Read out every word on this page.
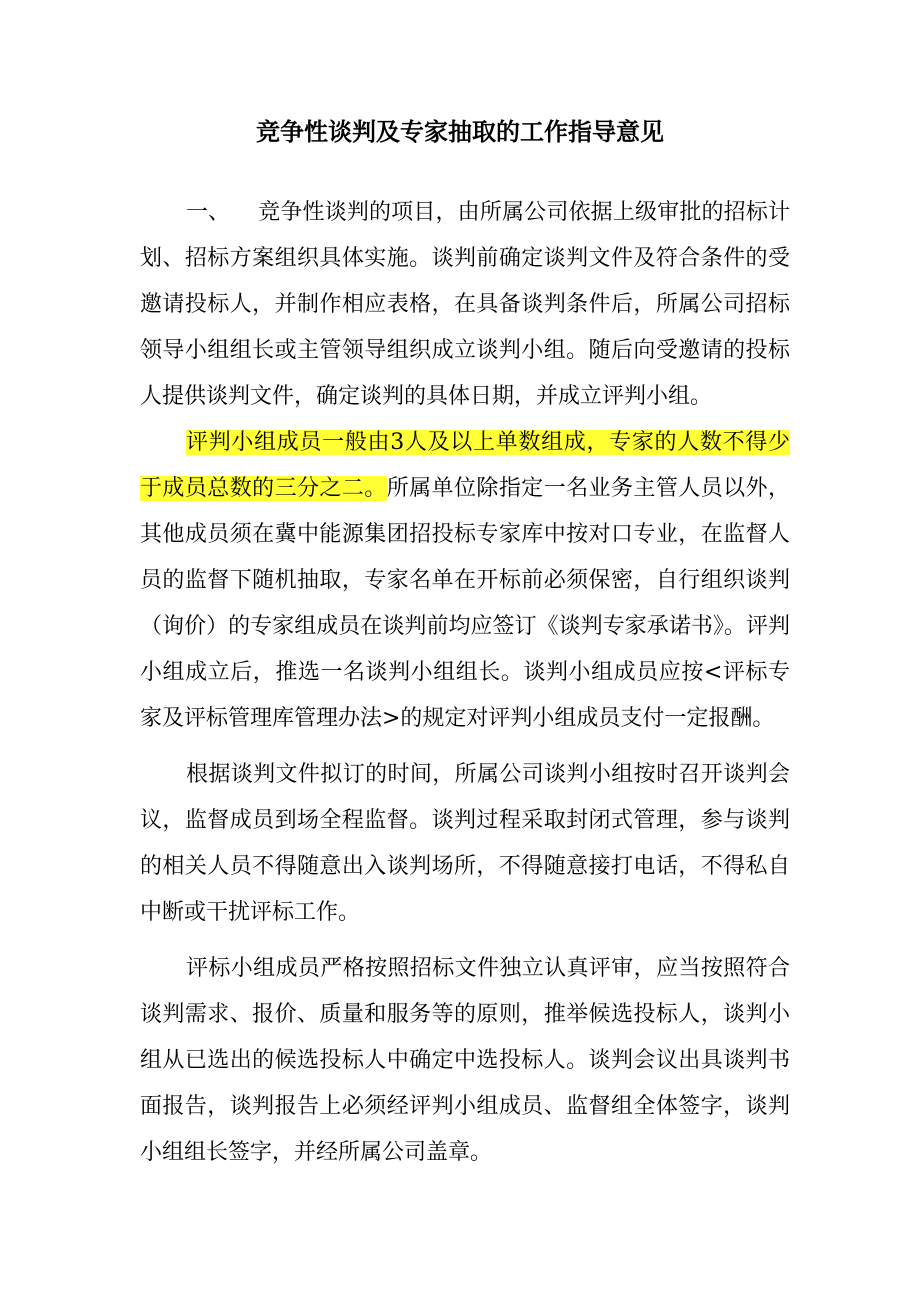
竞争性谈判及专家抽取的工作指导意见

一、 竞争性谈判的项目，由所属公司依据上级审批的招标计划、招标方案组织具体实施。谈判前确定谈判文件及符合条件的受邀请投标人，并制作相应表格，在具备谈判条件后，所属公司招标领导小组组长或主管领导组织成立谈判小组。随后向受邀请的投标人提供谈判文件，确定谈判的具体日期，并成立评判小组。

评判小组成员一般由3人及以上单数组成，专家的人数不得少于成员总数的三分之二。所属单位除指定一名业务主管人员以外，其他成员须在冀中能源集团招投标专家库中按对口专业，在监督人员的监督下随机抽取，专家名单在开标前必须保密，自行组织谈判（询价）的专家组成员在谈判前均应签订《谈判专家承诺书》。评判小组成立后，推选一名谈判小组组长。谈判小组成员应按<评标专家及评标管理库管理办法>的规定对评判小组成员支付一定报酬。

根据谈判文件拟订的时间，所属公司谈判小组按时召开谈判会议，监督成员到场全程监督。谈判过程采取封闭式管理，参与谈判的相关人员不得随意出入谈判场所，不得随意接打电话，不得私自中断或干扰评标工作。

评标小组成员严格按照招标文件独立认真评审，应当按照符合谈判需求、报价、质量和服务等的原则，推举候选投标人，谈判小组从已选出的候选投标人中确定中选投标人。谈判会议出具谈判书面报告，谈判报告上必须经评判小组成员、监督组全体签字，谈判小组组长签字，并经所属公司盖章。
